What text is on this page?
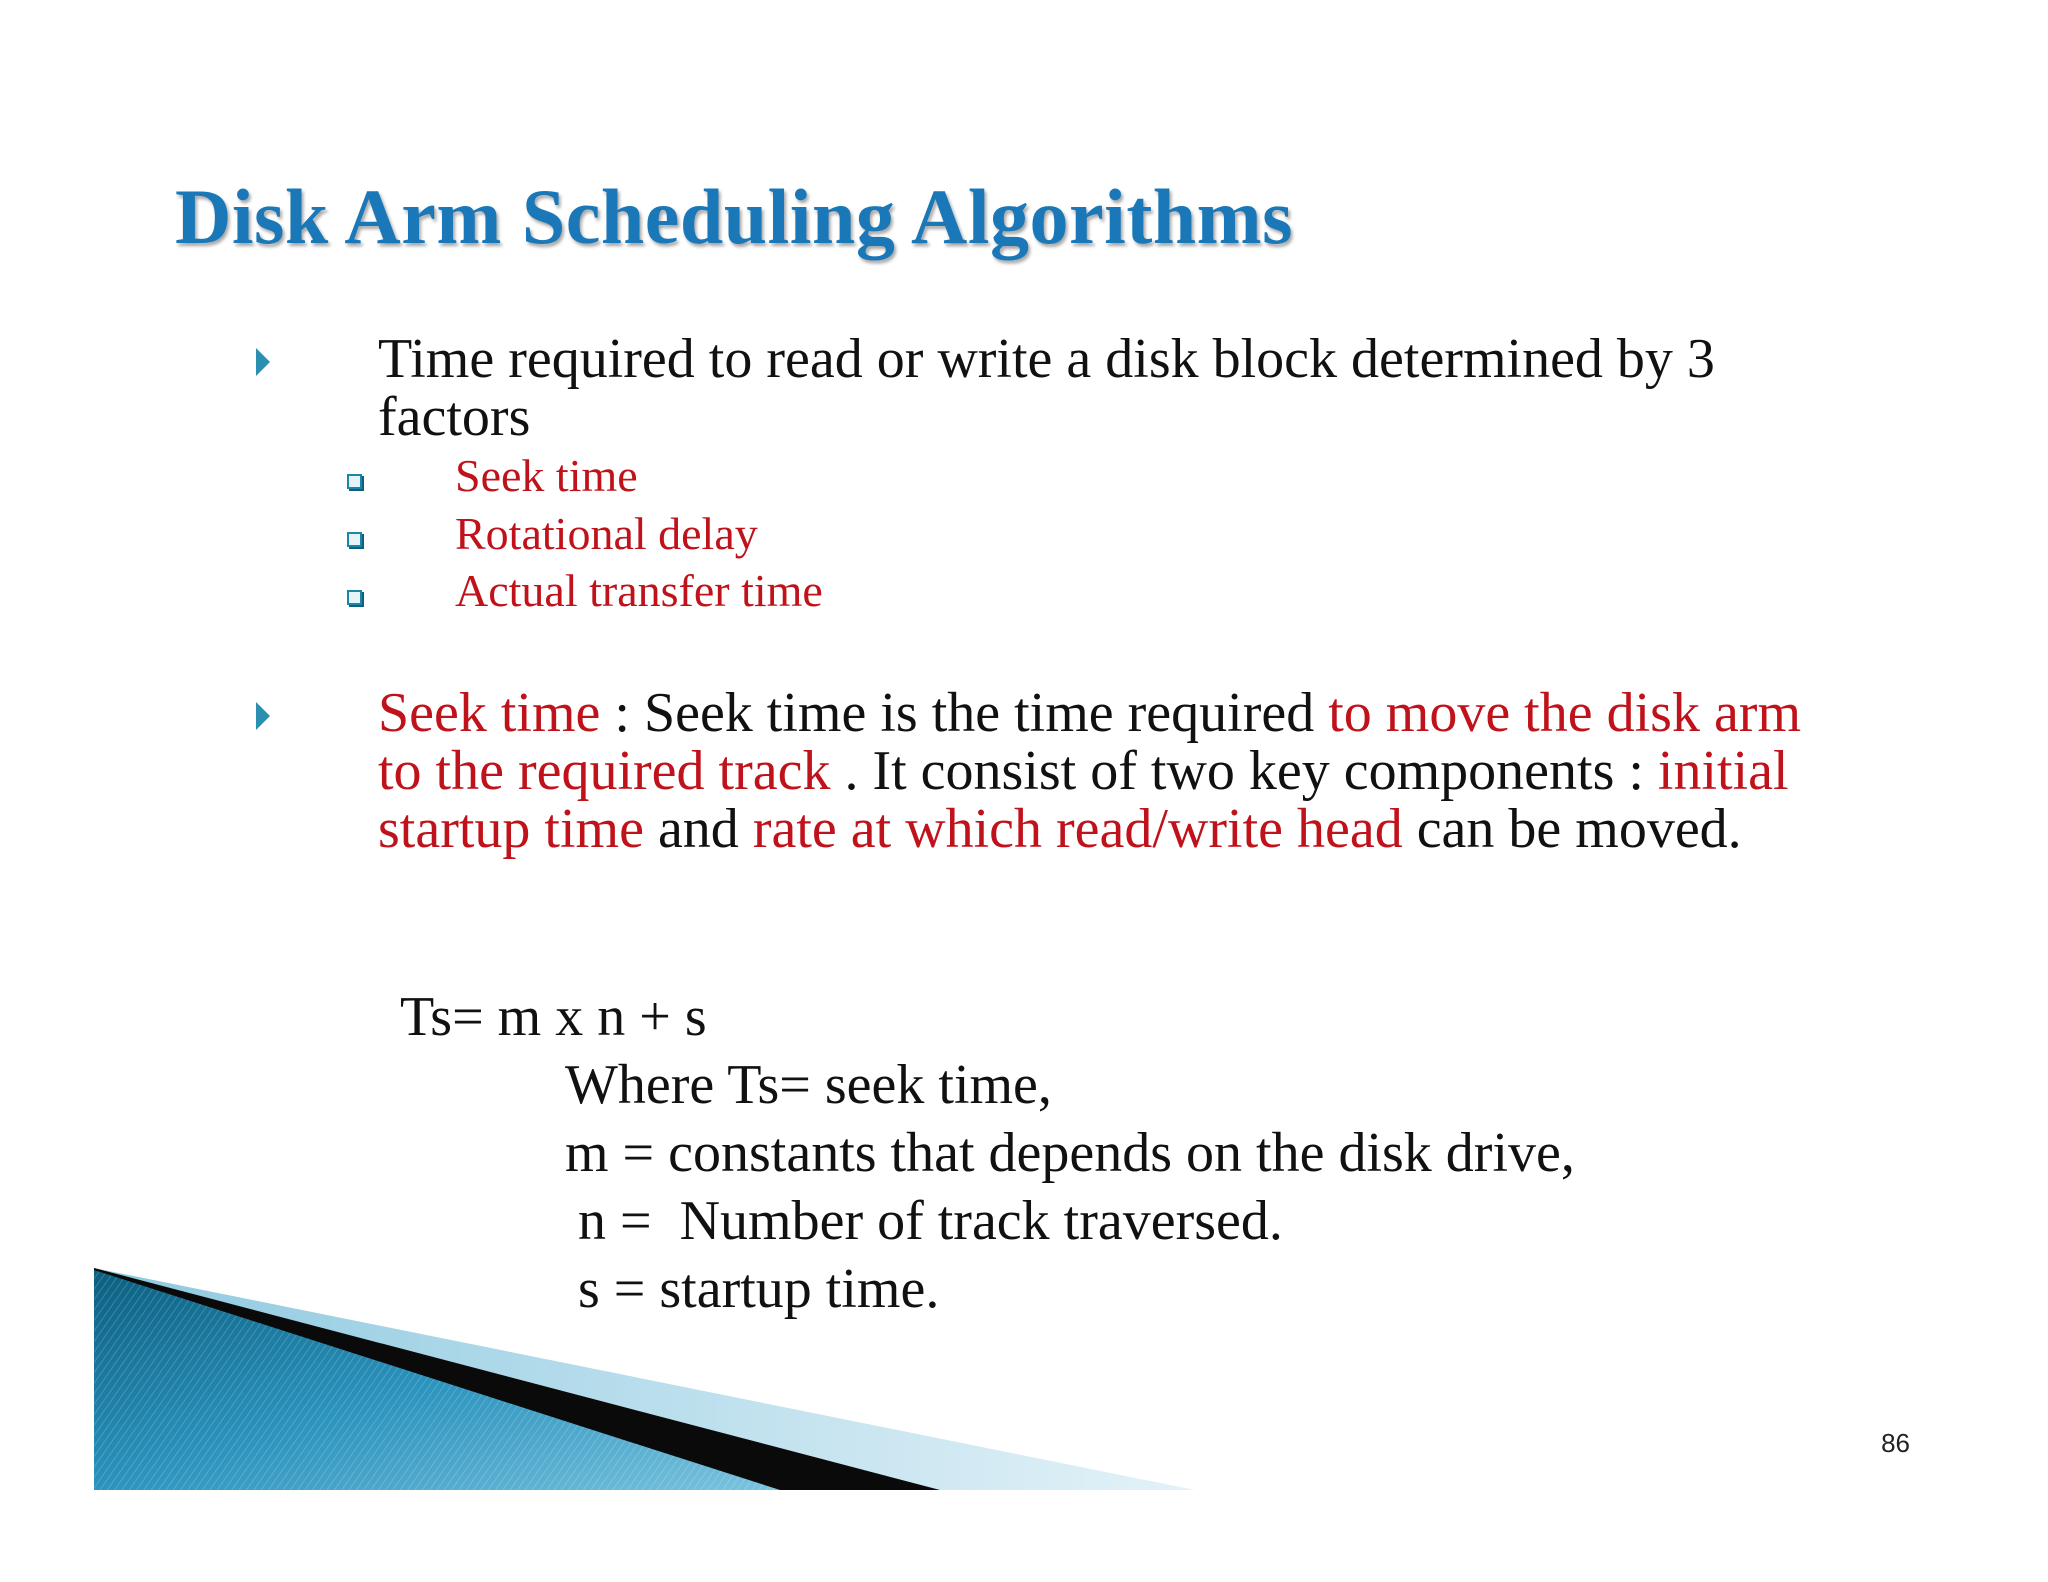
Disk Arm Scheduling Algorithms
Time required to read or write a disk block determined by 3 factors
Seek time
Rotational delay
Actual transfer time
Seek time : Seek time is the time required to move the disk arm to the required track . It consist of two key components : initial startup time and rate at which read/write head can be moved.
Ts= m x n + s
Where Ts= seek time,
m = constants that depends on the disk drive,
n =  Number of track traversed.
s = startup time.
86
